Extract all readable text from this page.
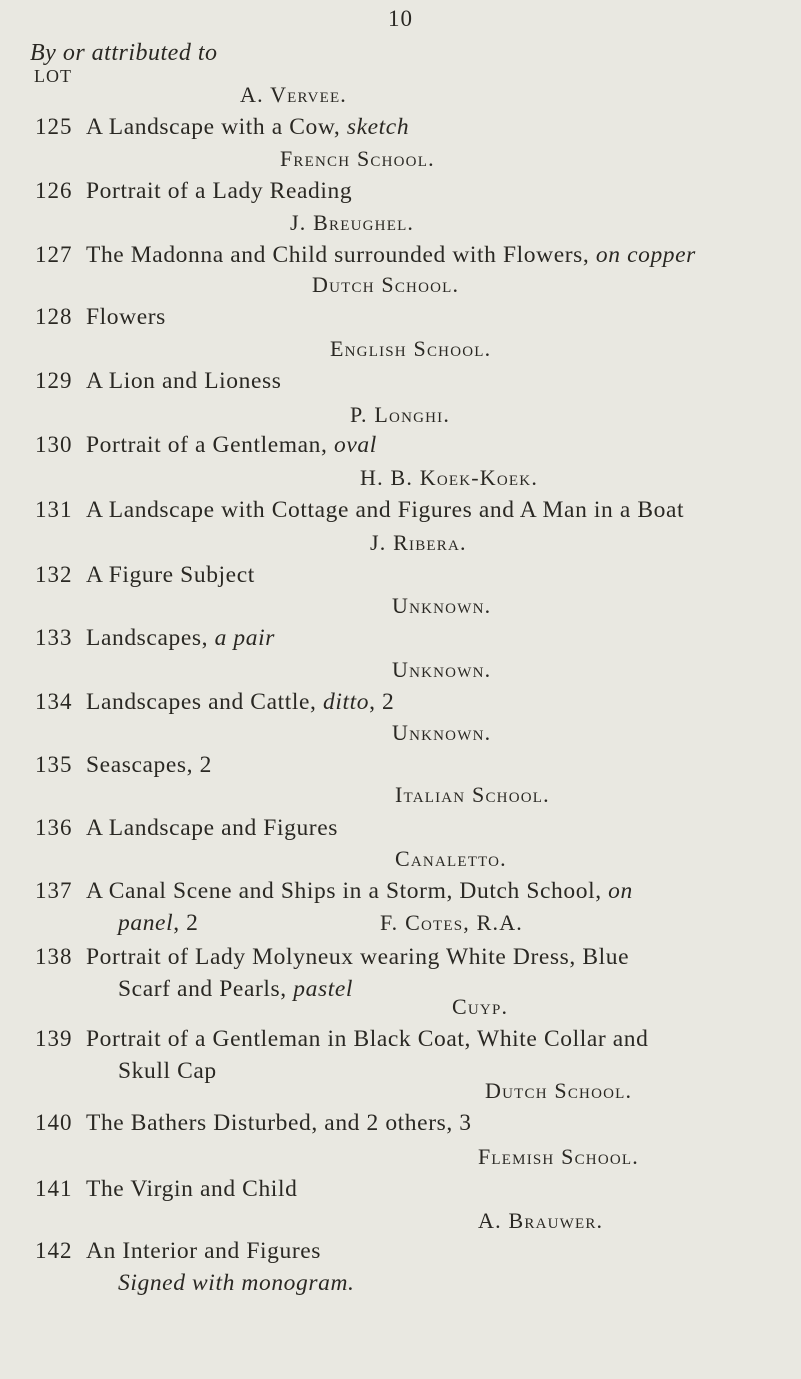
10
By or attributed to
LOT
A. Vervee.
125 A Landscape with a Cow, sketch
French School.
126 Portrait of a Lady Reading
J. Breughel.
127 The Madonna and Child surrounded with Flowers, on copper
Dutch School.
128 Flowers
English School.
129 A Lion and Lioness
P. Longhi.
130 Portrait of a Gentleman, oval
H. B. Koek-Koek.
131 A Landscape with Cottage and Figures and A Man in a Boat
J. Ribera.
132 A Figure Subject
Unknown.
133 Landscapes, a pair
Unknown.
134 Landscapes and Cattle, ditto, 2
Unknown.
135 Seascapes, 2
Italian School.
136 A Landscape and Figures
Canaletto.
137 A Canal Scene and Ships in a Storm, Dutch School, on
panel, 2	F. Cotes, R.A.
138 Portrait of Lady Molyneux wearing White Dress, Blue
Scarf and Pearls, pastel
Cuyp.
139 Portrait of a Gentleman in Black Coat, White Collar and
Skull Cap
Dutch School.
140 The Bathers Disturbed, and 2 others, 3
Flemish School.
141 The Virgin and Child
A. Brauwer.
142 An Interior and Figures
Signed with monogram.
